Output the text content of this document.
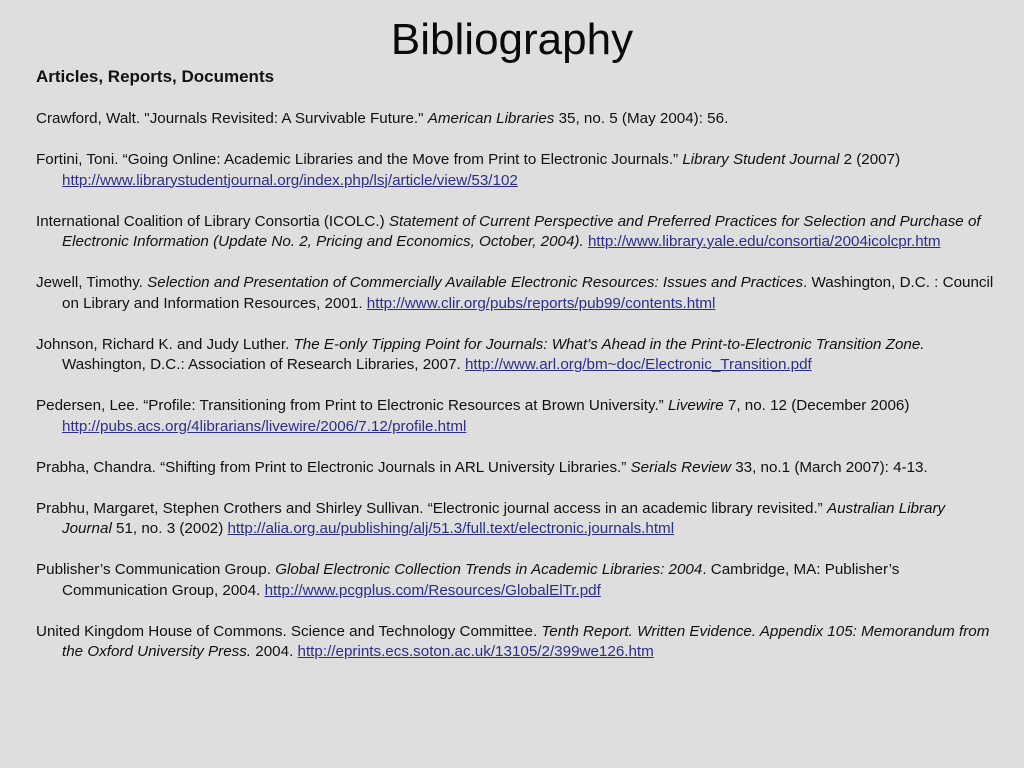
Bibliography
Articles, Reports, Documents

Crawford, Walt. "Journals Revisited: A Survivable Future." American Libraries 35, no. 5 (May 2004): 56.

Fortini, Toni. “Going Online: Academic Libraries and the Move from Print to Electronic Journals.” Library Student Journal 2 (2007) http://www.librarystudentjournal.org/index.php/lsj/article/view/53/102

International Coalition of Library Consortia (ICOLC.) Statement of Current Perspective and Preferred Practices for Selection and Purchase of Electronic Information (Update No. 2, Pricing and Economics, October, 2004). http://www.library.yale.edu/consortia/2004icolcpr.htm

Jewell, Timothy. Selection and Presentation of Commercially Available Electronic Resources: Issues and Practices. Washington, D.C. : Council on Library and Information Resources, 2001. http://www.clir.org/pubs/reports/pub99/contents.html

Johnson, Richard K. and Judy Luther. The E-only Tipping Point for Journals: What’s Ahead in the Print-to-Electronic Transition Zone. Washington, D.C.: Association of Research Libraries, 2007. http://www.arl.org/bm~doc/Electronic_Transition.pdf

Pedersen, Lee. “Profile: Transitioning from Print to Electronic Resources at Brown University.” Livewire 7, no. 12 (December 2006) http://pubs.acs.org/4librarians/livewire/2006/7.12/profile.html

Prabha, Chandra. “Shifting from Print to Electronic Journals in ARL University Libraries.” Serials Review 33, no.1 (March 2007): 4-13.

Prabhu, Margaret, Stephen Crothers and Shirley Sullivan. “Electronic journal access in an academic library revisited.” Australian Library Journal 51, no. 3 (2002) http://alia.org.au/publishing/alj/51.3/full.text/electronic.journals.html

Publisher’s Communication Group. Global Electronic Collection Trends in Academic Libraries: 2004. Cambridge, MA: Publisher’s Communication Group, 2004. http://www.pcgplus.com/Resources/GlobalElTr.pdf

United Kingdom House of Commons. Science and Technology Committee. Tenth Report. Written Evidence. Appendix 105: Memorandum from the Oxford University Press. 2004. http://eprints.ecs.soton.ac.uk/13105/2/399we126.htm
